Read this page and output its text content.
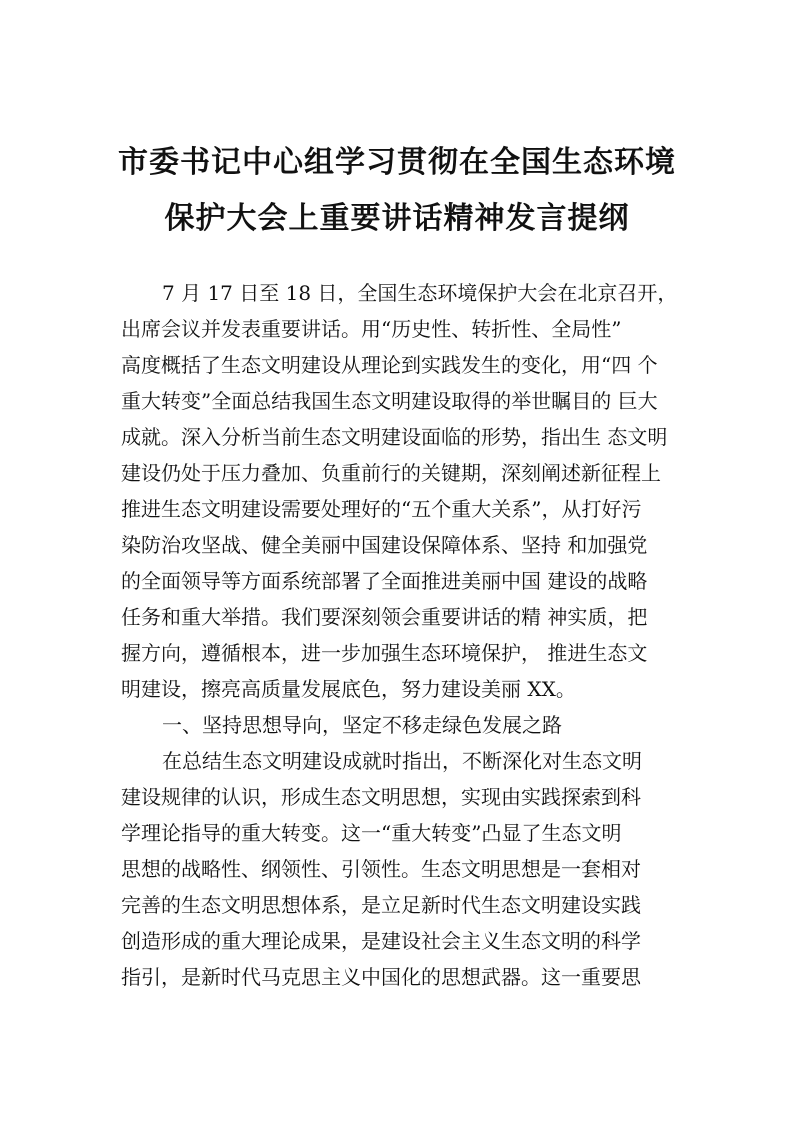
市委书记中心组学习贯彻在全国生态环境
保护大会上重要讲话精神发言提纲
7 月 17 日至 18 日，全国生态环境保护大会在北京召开，
出席会议并发表重要讲话。用“历史性、转折性、全局性”
高度概括了生态文明建设从理论到实践发生的变化，用“四 个
重大转变”全面总结我国生态文明建设取得的举世瞩目的 巨大
成就。深入分析当前生态文明建设面临的形势，指出生 态文明
建设仍处于压力叠加、负重前行的关键期，深刻阐述新征程上
推进生态文明建设需要处理好的“五个重大关系”，从打好污
染防治攻坚战、健全美丽中国建设保障体系、坚持 和加强党
的全面领导等方面系统部署了全面推进美丽中国 建设的战略
任务和重大举措。我们要深刻领会重要讲话的精 神实质，把
握方向，遵循根本，进一步加强生态环境保护， 推进生态文
明建设，擦亮高质量发展底色，努力建设美丽 XX。
一、坚持思想导向，坚定不移走绿色发展之路
在总结生态文明建设成就时指出，不断深化对生态文明
建设规律的认识，形成生态文明思想，实现由实践探索到科
学理论指导的重大转变。这一“重大转变”凸显了生态文明
思想的战略性、纲领性、引领性。生态文明思想是一套相对
完善的生态文明思想体系，是立足新时代生态文明建设实践
创造形成的重大理论成果，是建设社会主义生态文明的科学
指引，是新时代马克思主义中国化的思想武器。这一重要思
